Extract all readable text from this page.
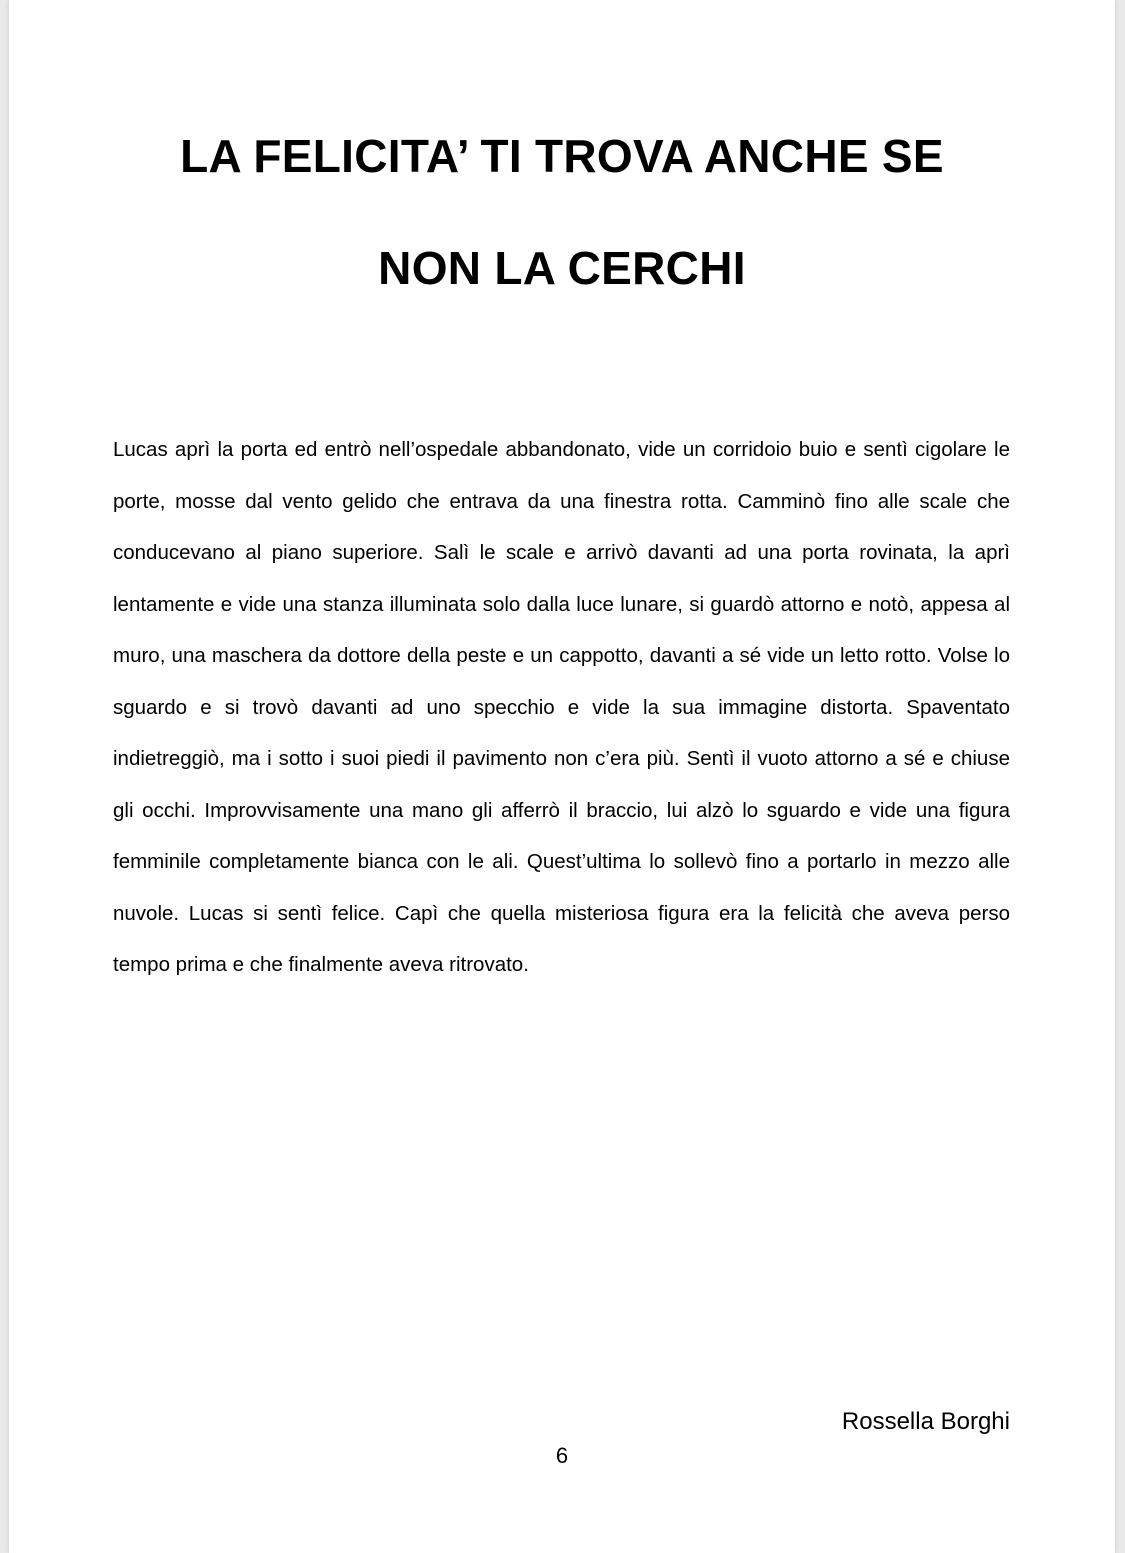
LA FELICITA’ TI TROVA ANCHE SE
NON LA CERCHI

Lucas aprì la porta ed entrò nell’ospedale abbandonato, vide un corridoio buio e sentì cigolare le porte, mosse dal vento gelido che entrava da una finestra rotta. Camminò fino alle scale che conducevano al piano superiore. Salì le scale e arrivò davanti ad una porta rovinata, la aprì lentamente e vide una stanza illuminata solo dalla luce lunare, si guardò attorno e notò, appesa al muro, una maschera da dottore della peste e un cappotto, davanti a sé vide un letto rotto. Volse lo sguardo e si trovò davanti ad uno specchio e vide la sua immagine distorta. Spaventato indietreggiò, ma i sotto i suoi piedi il pavimento non c’era più. Sentì il vuoto attorno a sé e chiuse gli occhi. Improvvisamente una mano gli afferrò il braccio, lui alzò lo sguardo e vide una figura femminile completamente bianca con le ali. Quest’ultima lo sollevò fino a portarlo in mezzo alle nuvole. Lucas si sentì felice. Capì che quella misteriosa figura era la felicità che aveva perso tempo prima e che finalmente aveva ritrovato.

Rossella Borghi

6
